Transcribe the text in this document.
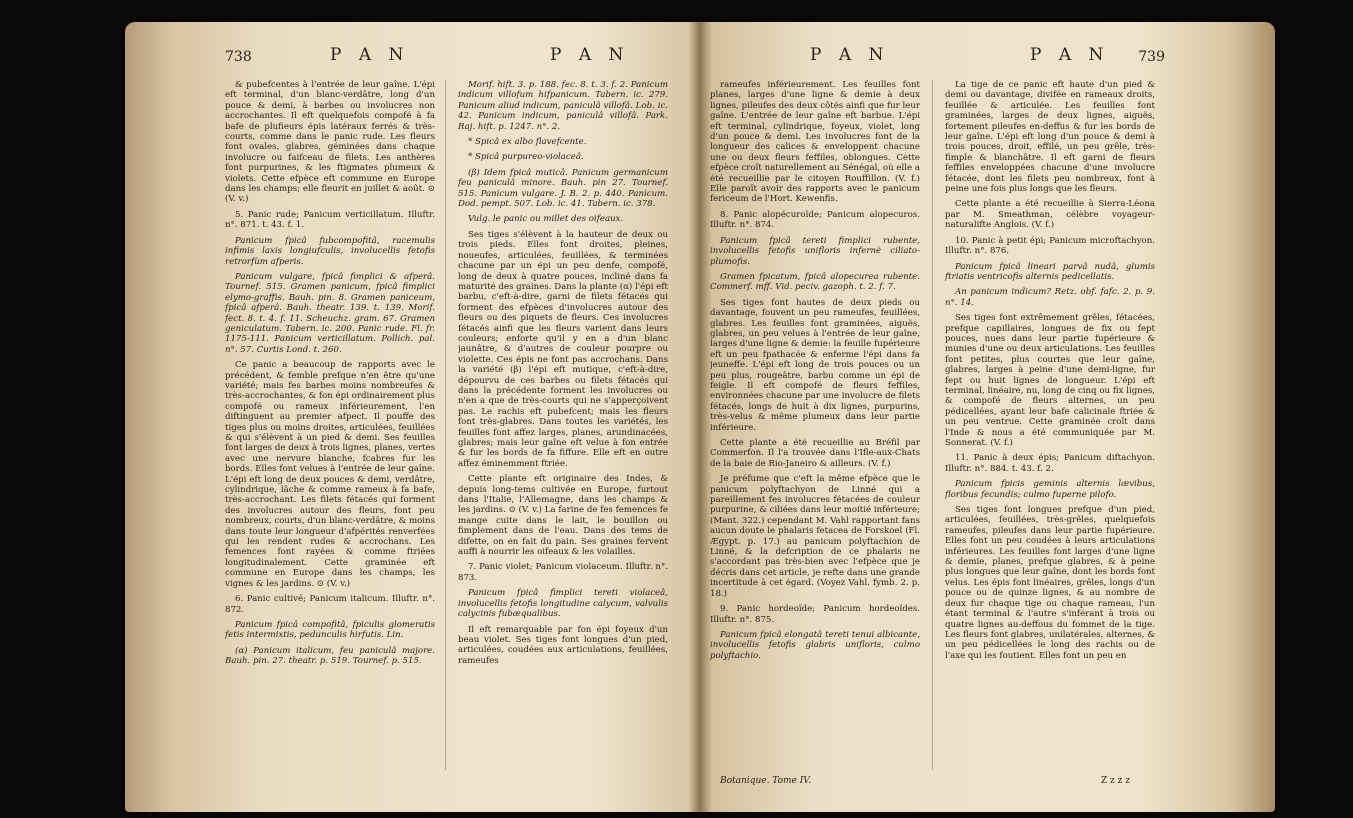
738	P A N	P A N

& pubefcentes à l'entrée de leur gaîne. L'épi eft terminal, d'un blanc-verdâtre, long d'un pouce & demi, à barbes ou involucres non accrochantes. Il eft quelquefois compofé à fa bafe de plufieurs épis latéraux ferrés & très-courts, comme dans le panic rude. Les fleurs font ovales, glabres, géminées dans chaque involucre ou faifceau de filets. Les anthères font purpurines, & les ftigmates plumeux & violets. Cette efpèce eft commune en Europe dans les champs; elle fleurit en juillet & août. ⊙ (V. v.)

5. Panic rude; Panicum verticillatum. Illuftr. n°. 871. t. 43. f. 1.

Panicum fpicâ fubcompofitâ, racemulis infimis laxis longiufculis, involucellis fetofis retrorfùm afperis.

Panicum vulgare, fpicâ fimplici & afperâ. Tournef. 515. Gramen panicum, fpicâ fimplici elymo-graffis. Bauh. pin. 8. Gramen paniceum, fpicâ afperâ. Bauh. theatr. 139. t. 139. Morif. fect. 8. t. 4. f. 11. Scheuchz. gram. 67. Gramen geniculatum. Tabern. ic. 200. Panic rude. Fl. fr. 1175-111. Panicum verticillatum. Pollich. pal. n°. 57. Curtis Lond. t. 260.

Ce panic a beaucoup de rapports avec le précédent, & femble prefque n'en être qu'une variété; mais fes barbes moins nombreufes & très-accrochantes, & fon épi ordinairement plus compofé ou rameux inférieurement, l'en diftinguent au premier afpect. Il pouffe des tiges plus ou moins droites, articulées, feuillées & qui s'élèvent à un pied & demi. Ses feuilles font larges de deux à trois lignes, planes, vertes avec une nervure blanche, fcabres fur les bords. Elles font velues à l'entrée de leur gaîne. L'épi eft long de deux pouces & demi, verdâtre, cylindrique, lâche & comme rameux à fa bafe, très-accrochant. Les filets fétacés qui forment des involucres autour des fleurs, font peu nombreux, courts, d'un blanc-verdâtre, & moins dans toute leur longueur d'afpérités renverfées qui les rendent rudes & accrochans. Les femences font rayées & comme ftriées longitudinalement. Cette graminée eft commune en Europe dans les champs, les vignes & les jardins. ⊙ (V. v.)

6. Panic cultivé; Panicum italicum. Illuftr. n°. 872.

Panicum fpicâ compofitâ, fpiculis glomeratis fetis intermixtis, pedunculis hirfutis. Lin.

(α) Panicum italicum, feu paniculâ majore. Bauh. pin. 27. theatr. p. 519. Tournef. p. 515.

Morif. hift. 3. p. 188. fec. 8. t. 3. f. 2. Panicum indicum villofum hifpanicum. Tabern. ic. 279. Panicum aliud indicum, paniculâ villofâ. Lob. ic. 42. Panicum indicum, paniculâ villofâ. Park. Raj. hift. p. 1247. n°. 2.

* Spicâ ex albo flavefcente.

* Spicâ purpureo-violaceâ.

(β) Idem fpicâ muticâ. Panicum germanicum feu paniculâ minore. Bauh. pin 27. Tournef. 515. Panicum vulgare. J. B. 2. p. 440. Panicum. Dod. pempt. 507. Lob. ic. 41. Tabern. ic. 378.

Vulg. le panic ou millet des oifeaux.

Ses tiges s'élèvent à la hauteur de deux ou trois pieds. Elles font droites, pleines, noueufes, articulées, feuillées, & terminées chacune par un épi un peu denfe, compofé, long de deux à quatre pouces, incliné dans fa maturité des graines. Dans la plante (α) l'épi eft barbu, c'eft-à-dire, garni de filets fétacés qui forment des efpèces d'involucres autour des fleurs ou des piquets de fleurs. Ces involucres fétacés ainfi que les fleurs varient dans leurs couleurs; enforte qu'il y en a d'un blanc jaunâtre, & d'autres de couleur pourpre ou violette. Ces épis ne font pas accrochans. Dans la variété (β) l'épi eft mutique, c'eft-à-dire, dépourvu de ces barbes ou filets fétacés qui dans la précédente forment les involucres ou n'en a que de très-courts qui ne s'apperçoivent pas. Le rachis eft pubefcent; mais les fleurs font très-glabres. Dans toutes les variétés, les feuilles font affez larges, planes, arundinacées, glabres; mais leur gaîne eft velue à fon entrée & fur les bords de fa fiffure. Elle eft en outre affez éminemment ftriée.

Cette plante eft originaire des Indes, & depuis long-tems cultivée en Europe, furtout dans l'Italie, l'Allemagne, dans les champs & les jardins. ⊙ (V. v.) La farine de fes femences fe mange cuite dans le lait, le bouillon ou fimplement dans de l'eau. Dans des tems de difette, on en fait du pain. Ses graines fervent auffi à nourrir les oifeaux & les volailles.

7. Panic violet; Panicum violaceum. Illuftr. n°. 873.

Panicum fpicâ fimplici tereti violaceâ, involucellis fetofis longitudine calycum, valvulis calycinis fubæqualibus.

Il eft remarquable par fon épi foyeux d'un beau violet. Ses tiges font longues d'un pied, articulées, coudées aux articulations, feuillées, rameufes

P A N	P A N 739

rameufes inférieurement. Les feuilles font planes, larges d'une ligne & demie à deux lignes, pileufes des deux côtés ainfi que fur leur gaîne. L'entrée de leur gaîne eft barbue. L'épi eft terminal, cylindrique, foyeux, violet, long d'un pouce & demi. Les involucres font de la longueur des calices & enveloppent chacune une ou deux fleurs feffiles, oblongues. Cette efpèce croît naturellement au Sénégal, où elle a été recueillie par le citoyen Rouffillon. (V. f.) Elle paroît avoir des rapports avec le panicum fericeum de l'Hort. Kewenfis.

8. Panic alopécuroïde; Panicum alopecuros. Illuftr. n°. 874.

Panicum fpicâ tereti fimplici rubente, involucellis fetofis unifloris infernè ciliato-plumofis.

Gramen fpicatum, fpicâ alopecurea rubente. Commerf. mff. Vid. peciv. gazoph. t. 2. f. 7.

Ses tiges font hautes de deux pieds ou davantage, fouvent un peu rameufes, feuillées, glabres. Les feuilles font graminées, aiguës, glabres, un peu velues à l'entrée de leur gaîne, larges d'une ligne & demie: la feuille fupérieure eft un peu fpathacée & enferme l'épi dans fa jeuneffe. L'épi eft long de trois pouces ou un peu plus, rougeâtre, barbu comme un épi de feigle. Il eft compofé de fleurs feffiles, environnées chacune par une involucre de filets fétacés, longs de huit à dix lignes, purpurins, très-velus & même plumeux dans leur partie inférieure.

Cette plante a été recueillie au Bréfil par Commerfon. Il l'a trouvée dans l'Ifle-aux-Chats de la baie de Rio-Janeiro & ailleurs. (V. f.)

Je préfume que c'eft la même efpèce que le panicum polyftachyon de Linné qui a pareillement fes involucres fétacées de couleur purpurine, & ciliées dans leur moitié inférieure; (Mant. 322.) cependant M. Vahl rapportant fans aucun doute le phalaris fetacea de Forskoel (Fl. Ægypt. p. 17.) au panicum polyftachion de Linné, & la defcription de ce phalaris ne s'accordant pas très-bien avec l'efpèce que je décris dans cet article, je refte dans une grande incertitude à cet égard. (Voyez Vahl. fymb. 2. p. 18.)

9. Panic hordeoïde; Panicum hordeoïdes. Illuftr. n°. 875.

Panicum fpicâ elongatâ tereti tenui albicante, involucellis fetofis glabris unifloris, culmo polyftachio.

La tige de ce panic eft haute d'un pied & demi ou davantage, divifée en rameaux droits, feuillée & articulée. Les feuilles font graminées, larges de deux lignes, aiguës, fortement pileufes en-deffus & fur les bords de leur gaîne. L'épi eft long d'un pouce & demi à trois pouces, droit, effilé, un peu grêle, très-fimple & blanchâtre. Il eft garni de fleurs feffiles enveloppées chacune d'une involucre fétacée, dont les filets peu nombreux, font à peine une fois plus longs que les fleurs.

Cette plante a été recueillie à Sierra-Léona par M. Smeathman, célèbre voyageur-naturalifte Anglois. (V. f.)

10. Panic à petit épi; Panicum microftachyon. Illuftr. n°. 876.

Panicum fpicâ lineari parvâ nudâ, glumis ftriatis ventricofis alternis pedicellatis.

An panicum indicum? Retz. obf. fafc. 2. p. 9. n°. 14.

Ses tiges font extrêmement grêles, fétacées, prefque capillaires, longues de fix ou fept pouces, nues dans leur partie fupérieure & munies d'une ou deux articulations. Les feuilles font petites, plus courtes que leur gaîne, glabres, larges à peine d'une demi-ligne, fur fept ou huit lignes de longueur. L'épi eft terminal, linéaire, nu, long de cinq ou fix lignes, & compofé de fleurs alternes, un peu pédicellées, ayant leur bafe calicinale ftriée & un peu ventrue. Cette graminée croît dans l'Inde & nous a été communiquée par M. Sonnerat. (V. f.)

11. Panic à deux épis; Panicum diftachyon. Illuftr. n°. 884. t. 43. f. 2.

Panicum fpicis geminis alternis lævibus, floribus fecundis; culmo fuperne pilofo.

Ses tiges font longues prefque d'un pied, articulées, feuillées, très-grêles, quelquefois rameufes, pileufes dans leur partie fupérieure. Elles font un peu coudées à leurs articulations inférieures. Les feuilles font larges d'une ligne & demie, planes, prefque glabres, & à peine plus longues que leur gaîne, dont les bords font velus. Les épis font linéaires, grêles, longs d'un pouce ou de quinze lignes, & au nombre de deux fur chaque tige ou chaque rameau, l'un étant terminal & l'autre s'inférant à trois ou quatre lignes au-deffous du fommet de la tige. Les fleurs font glabres, unilatérales, alternes, & un peu pédicellées le long des rachis ou de l'axe qui les foutient. Elles font un peu en

Botanique. Tome IV.	Z z z z
